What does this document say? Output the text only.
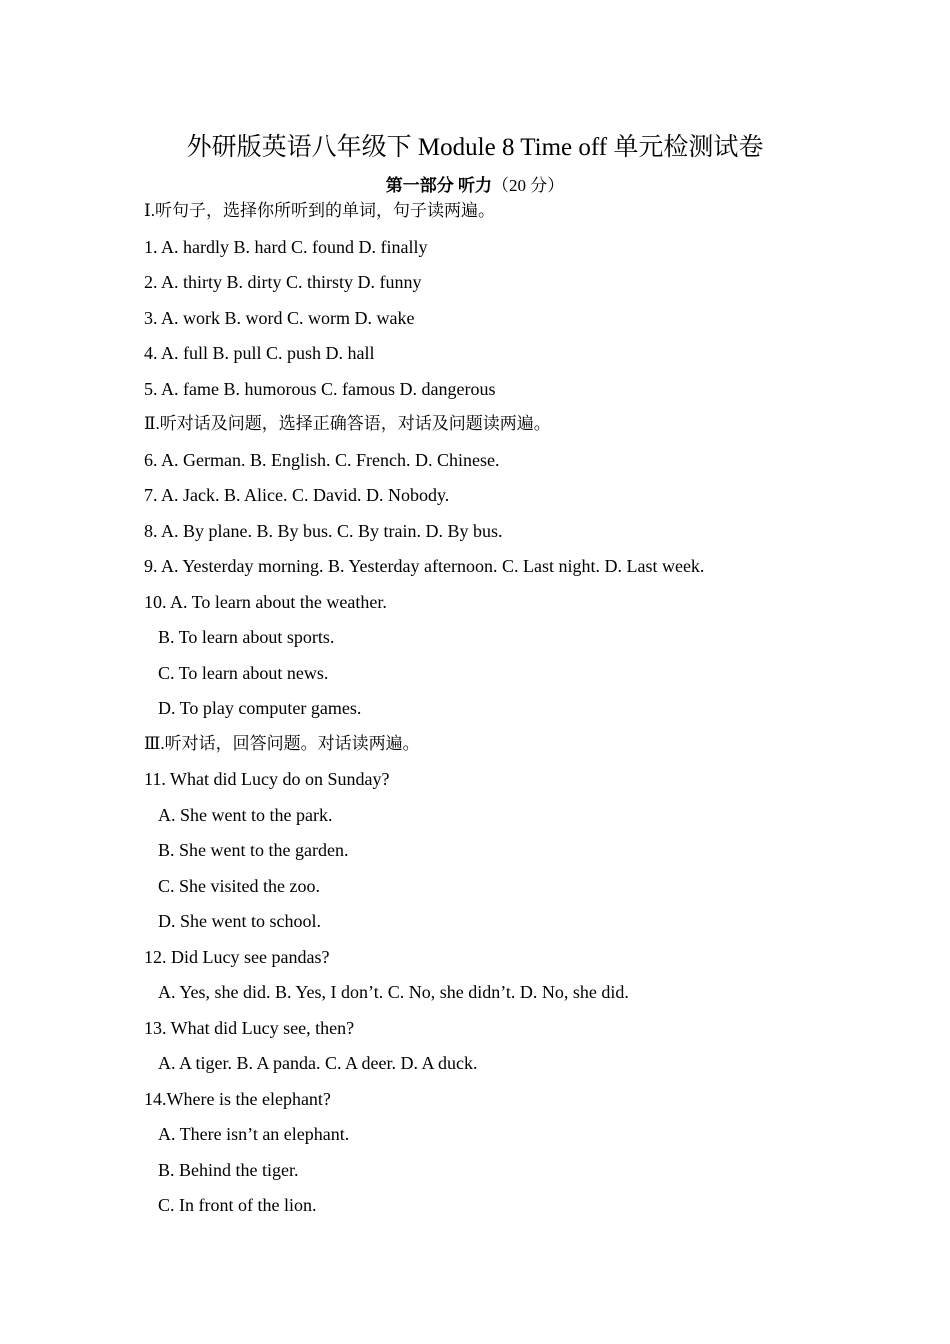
外研版英语八年级下 Module 8 Time off 单元检测试卷
第一部分 听力（20 分）
Ⅰ.听句子，选择你所听到的单词，句子读两遍。
1. A. hardly B. hard C. found D. finally
2. A. thirty B. dirty C. thirsty D. funny
3. A. work B. word C. worm D. wake
4. A. full B. pull C. push D. hall
5. A. fame B. humorous C. famous D. dangerous
Ⅱ.听对话及问题，选择正确答语，对话及问题读两遍。
6. A. German. B. English. C. French. D. Chinese.
7. A. Jack. B. Alice. C. David. D. Nobody.
8. A. By plane. B. By bus. C. By train. D. By bus.
9. A. Yesterday morning. B. Yesterday afternoon. C. Last night. D. Last week.
10. A. To learn about the weather.
B. To learn about sports.
C. To learn about news.
D. To play computer games.
Ⅲ.听对话，回答问题。对话读两遍。
11. What did Lucy do on Sunday?
A. She went to the park.
B. She went to the garden.
C. She visited the zoo.
D. She went to school.
12. Did Lucy see pandas?
A. Yes, she did. B. Yes, I don’t. C. No, she didn’t. D. No, she did.
13. What did Lucy see, then?
A. A tiger. B. A panda. C. A deer. D. A duck.
14.Where is the elephant?
A. There isn’t an elephant.
B. Behind the tiger.
C. In front of the lion.
